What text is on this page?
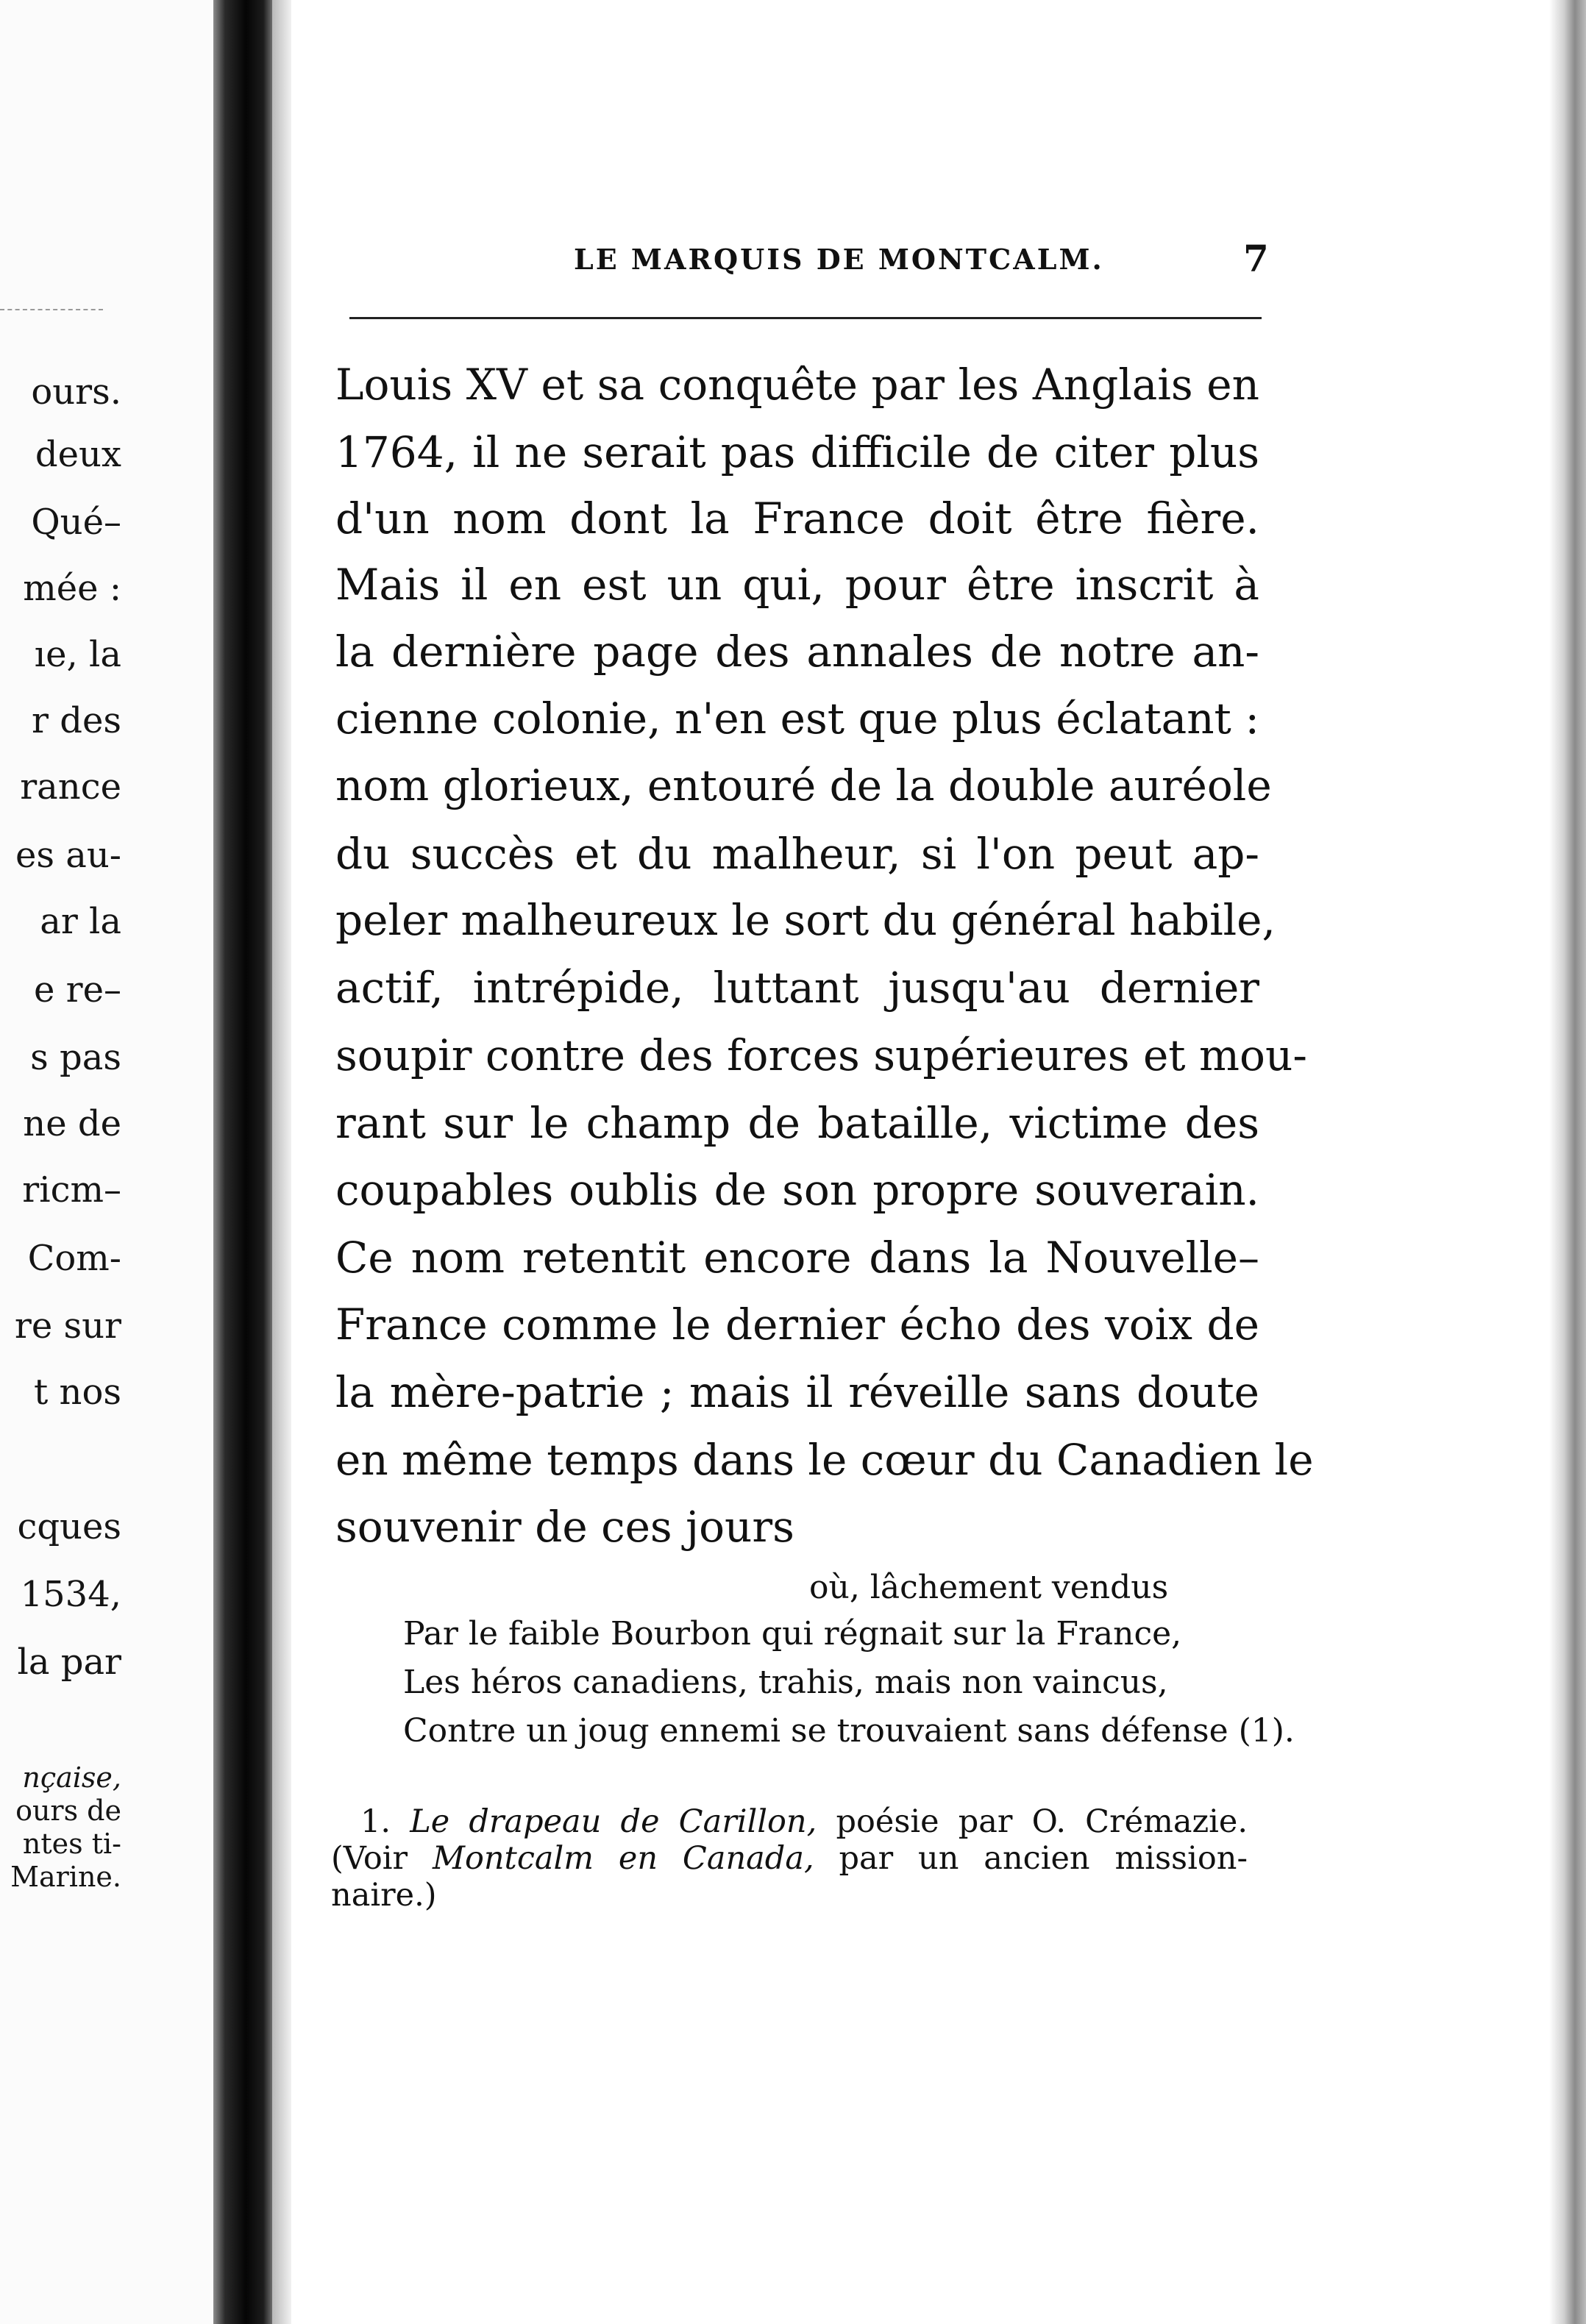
ours.
deux
Qué–
mée :
ıe, la
r des
rance
es au-
ar la
e re–
s pas
ne de
ricm–
Com-
re sur
t nos
cques
1534,
la par
nçaise,
ours de
ntes ti-
Marine.
LE MARQUIS DE MONTCALM.	7
Louis XV et sa conquête par les Anglais en
1764, il ne serait pas difficile de citer plus
d'un nom dont la France doit être fière.
Mais il en est un qui, pour être inscrit à
la dernière page des annales de notre an-
cienne colonie, n'en est que plus éclatant :
nom glorieux, entouré de la double auréole
du succès et du malheur, si l'on peut ap-
peler malheureux le sort du général habile,
actif, intrépide, luttant jusqu'au dernier
soupir contre des forces supérieures et mou-
rant sur le champ de bataille, victime des
coupables oublis de son propre souverain.
Ce nom retentit encore dans la Nouvelle–
France comme le dernier écho des voix de
la mère-patrie ; mais il réveille sans doute
en même temps dans le cœur du Canadien le
souvenir de ces jours
où, lâchement vendus
Par le faible Bourbon qui régnait sur la France,
Les héros canadiens, trahis, mais non vaincus,
Contre un joug ennemi se trouvaient sans défense (1).
1. Le drapeau de Carillon, poésie par O. Crémazie.
(Voir Montcalm en Canada, par un ancien mission-
naire.)
